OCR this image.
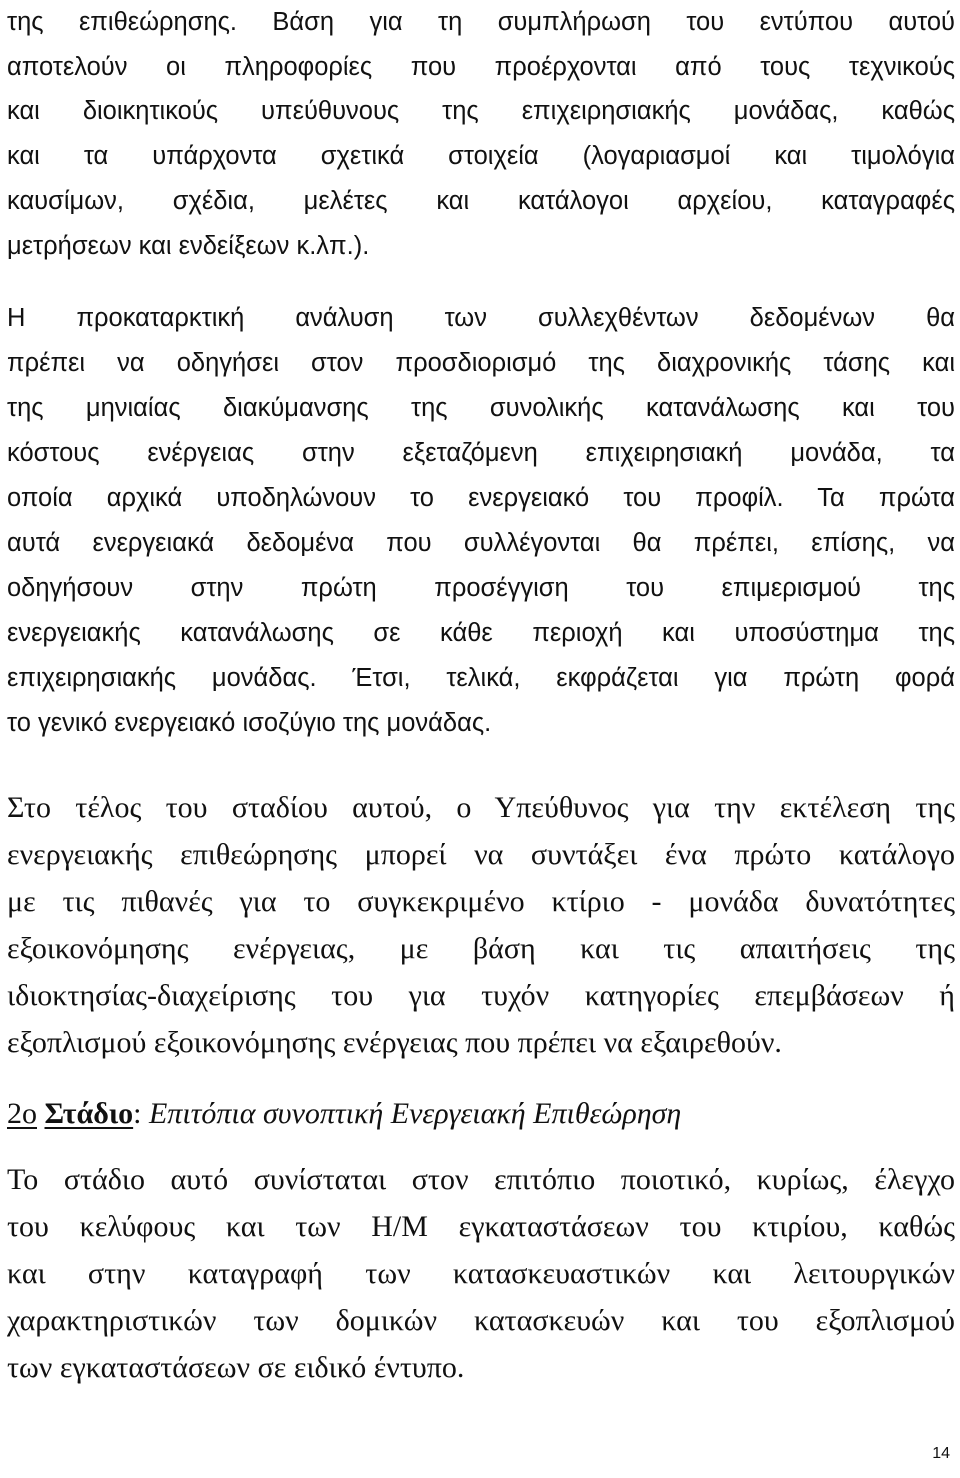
της επιθεώρησης. Βάση για τη συμπλήρωση του εντύπου αυτού
αποτελούν οι πληροφορίες που προέρχονται από τους τεχνικούς
και διοικητικούς υπεύθυνους της επιχειρησιακής μονάδας, καθώς
και τα υπάρχοντα σχετικά στοιχεία (λογαριασμοί και τιμολόγια
καυσίμων, σχέδια, μελέτες και κατάλογοι αρχείου, καταγραφές
μετρήσεων και ενδείξεων κ.λπ.).
Η προκαταρκτική ανάλυση των συλλεχθέντων δεδομένων θα
πρέπει να οδηγήσει στον προσδιορισμό της διαχρονικής τάσης και
της μηνιαίας διακύμανσης της συνολικής κατανάλωσης και του
κόστους ενέργειας στην εξεταζόμενη επιχειρησιακή μονάδα, τα
οποία αρχικά υποδηλώνουν το ενεργειακό του προφίλ. Τα πρώτα
αυτά ενεργειακά δεδομένα που συλλέγονται θα πρέπει, επίσης, να
οδηγήσουν στην πρώτη προσέγγιση του επιμερισμού της
ενεργειακής κατανάλωσης σε κάθε περιοχή και υποσύστημα της
επιχειρησιακής μονάδας. Έτσι, τελικά, εκφράζεται για πρώτη φορά
το γενικό ενεργειακό ισοζύγιο της μονάδας.
Στο τέλος του σταδίου αυτού, ο Υπεύθυνος για την εκτέλεση της
ενεργειακής επιθεώρησης μπορεί να συντάξει ένα πρώτο κατάλογο
με τις πιθανές για το συγκεκριμένο κτίριο - μονάδα δυνατότητες
εξοικονόμησης ενέργειας, με βάση και τις απαιτήσεις της
ιδιοκτησίας-διαχείρισης του για τυχόν κατηγορίες επεμβάσεων ή
εξοπλισμού εξοικονόμησης ενέργειας που πρέπει να εξαιρεθούν.
2ο Στάδιο: Επιτόπια συνοπτική Ενεργειακή Επιθεώρηση
Το στάδιο αυτό συνίσταται στον επιτόπιο ποιοτικό, κυρίως, έλεγχο
του κελύφους και των Η/Μ εγκαταστάσεων του κτιρίου, καθώς
και στην καταγραφή των κατασκευαστικών και λειτουργικών
χαρακτηριστικών των δομικών κατασκευών και του εξοπλισμού
των εγκαταστάσεων σε ειδικό έντυπο.
14
